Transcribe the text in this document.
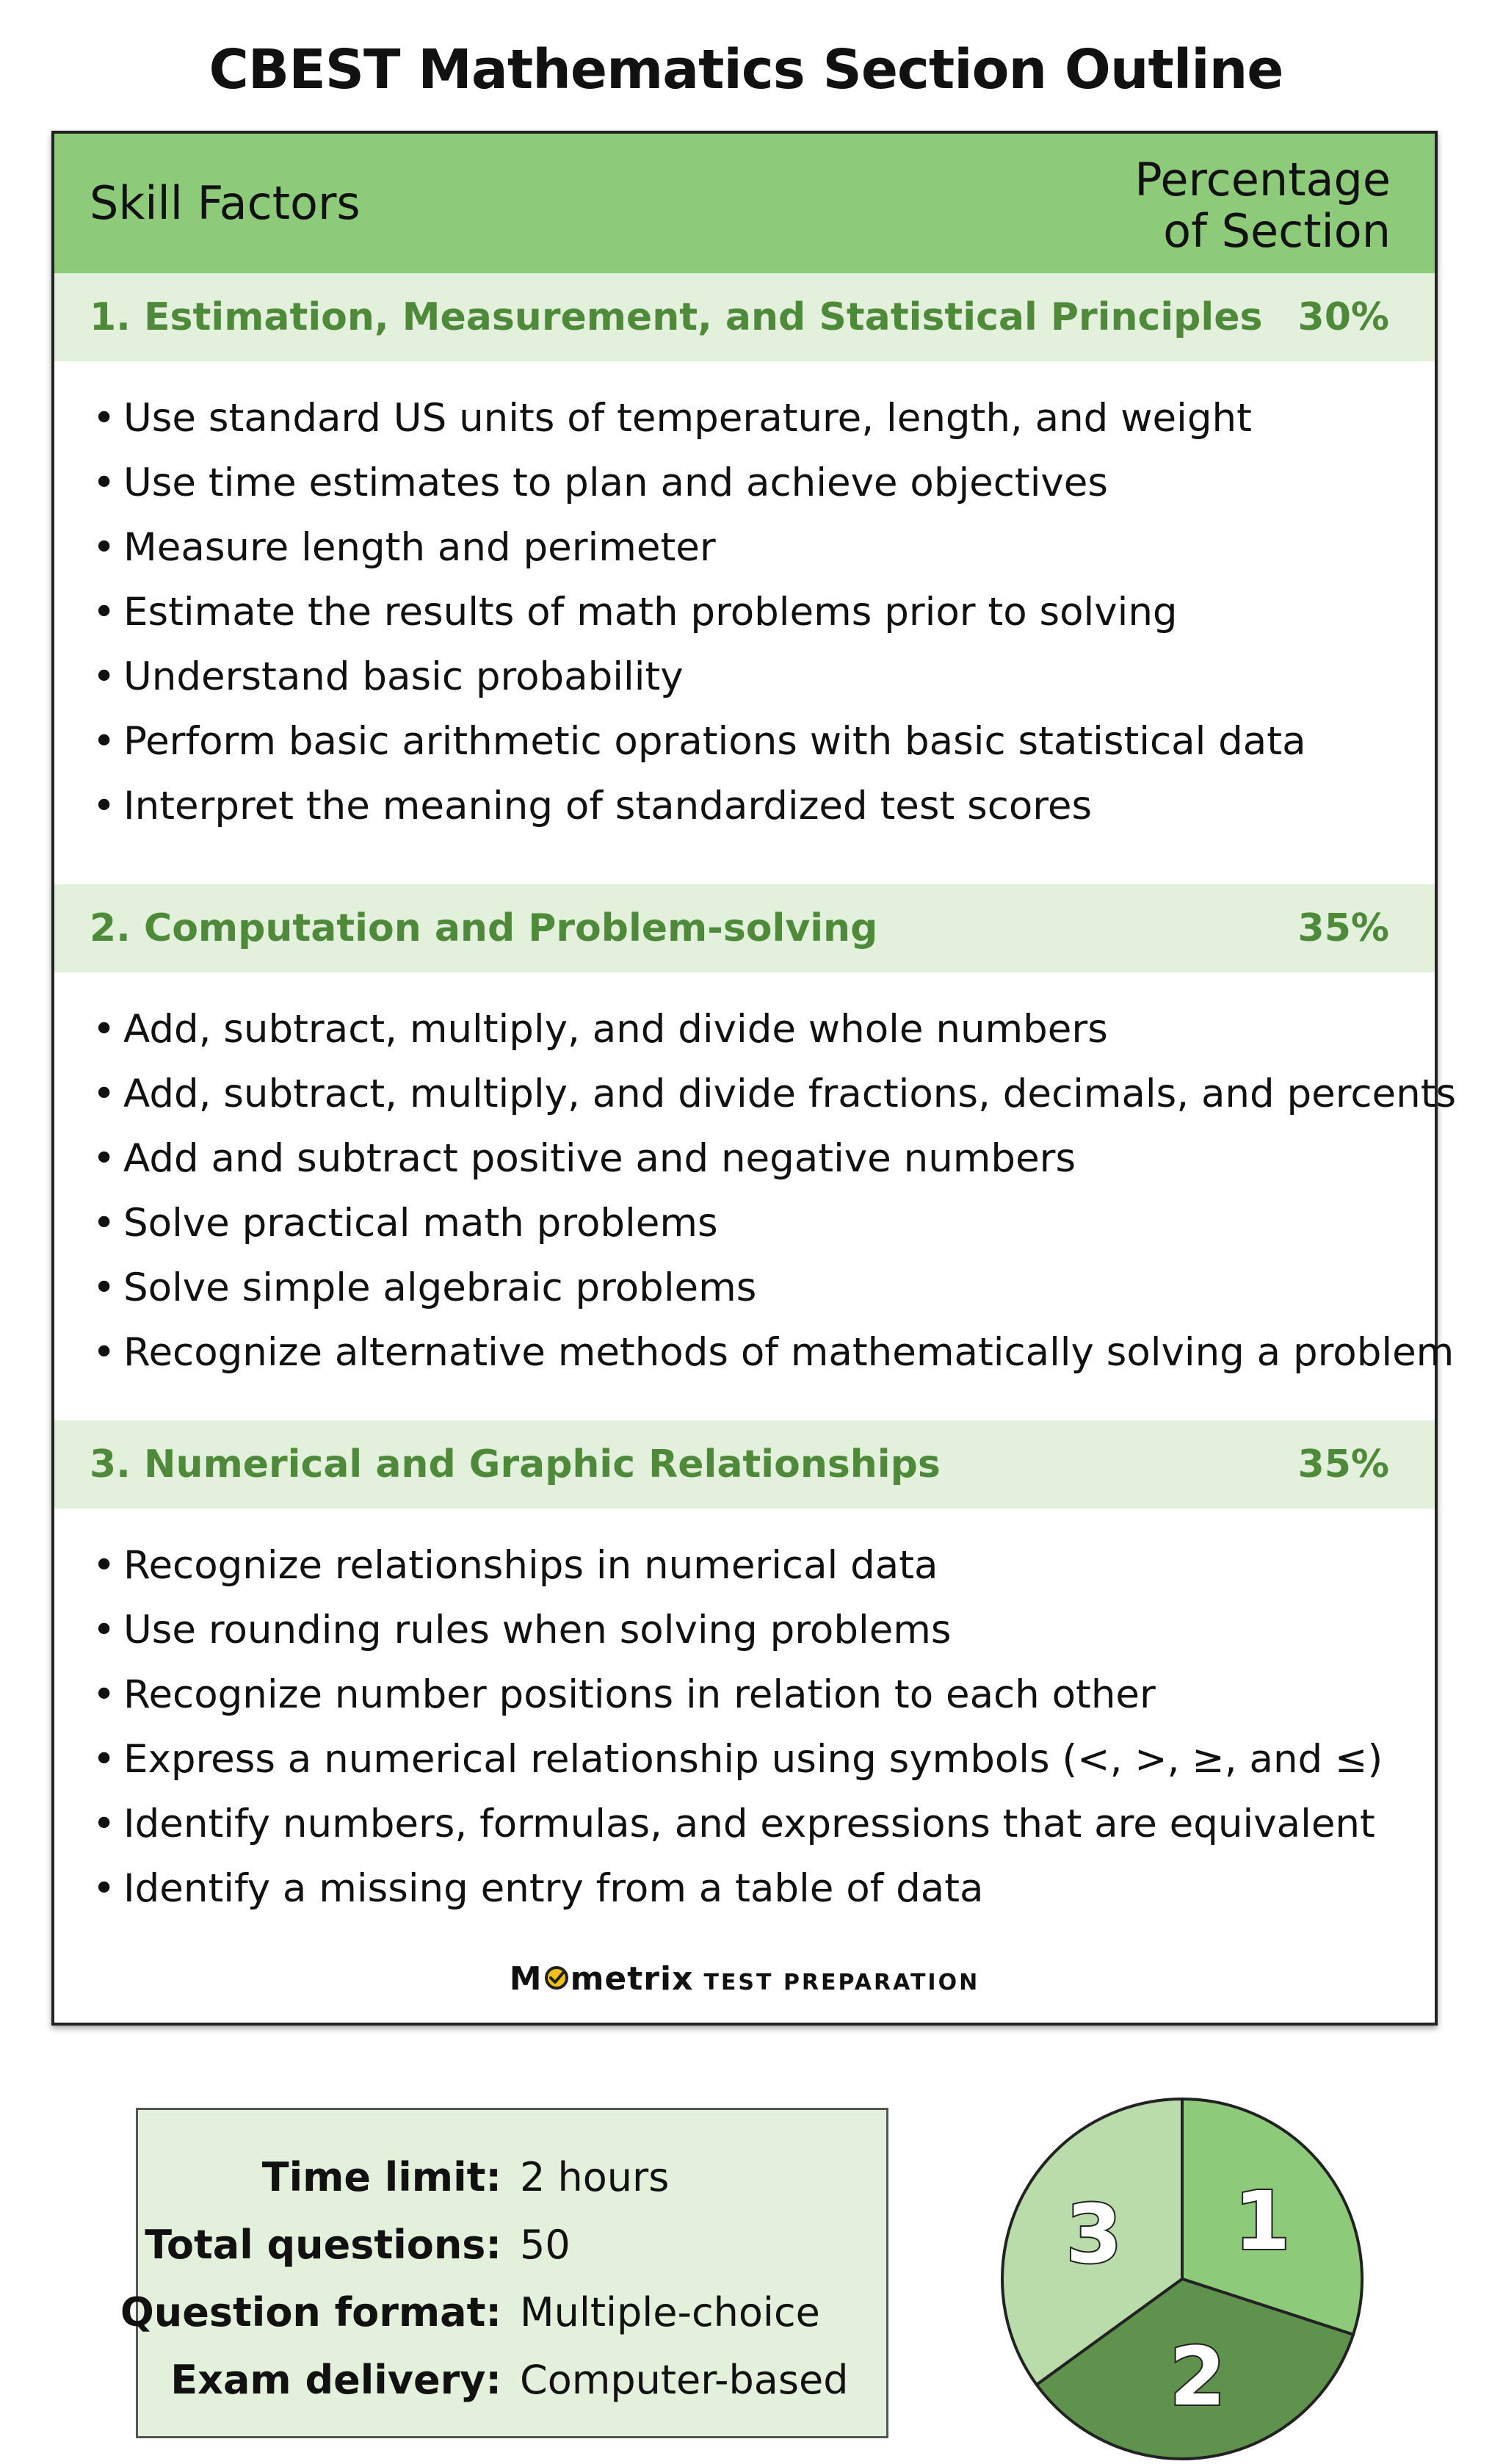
CBEST Mathematics Section Outline
Skill Factors	Percentage
of Section
1. Estimation, Measurement, and Statistical Principles 30%
• Use standard US units of temperature, length, and weight
• Use time estimates to plan and achieve objectives
• Measure length and perimeter
• Estimate the results of math problems prior to solving
• Understand basic probability
• Perform basic arithmetic oprations with basic statistical data
• Interpret the meaning of standardized test scores
2. Computation and Problem-solving	35%
• Add, subtract, multiply, and divide whole numbers
• Add, subtract, multiply, and divide fractions, decimals, and percents
• Add and subtract positive and negative numbers
• Solve practical math problems
• Solve simple algebraic problems
• Recognize alternative methods of mathematically solving a problem
3. Numerical and Graphic Relationships	35%
• Recognize relationships in numerical data
• Use rounding rules when solving problems
• Recognize number positions in relation to each other
• Express a numerical relationship using symbols (<, >, ≥, and ≤)
• Identify numbers, formulas, and expressions that are equivalent
• Identify a missing entry from a table of data
M metrix TEST PREPARATION
Time limit: 2 hours
Total questions: 50
Question format: Multiple-choice
Exam delivery: Computer-based
1
2
3
